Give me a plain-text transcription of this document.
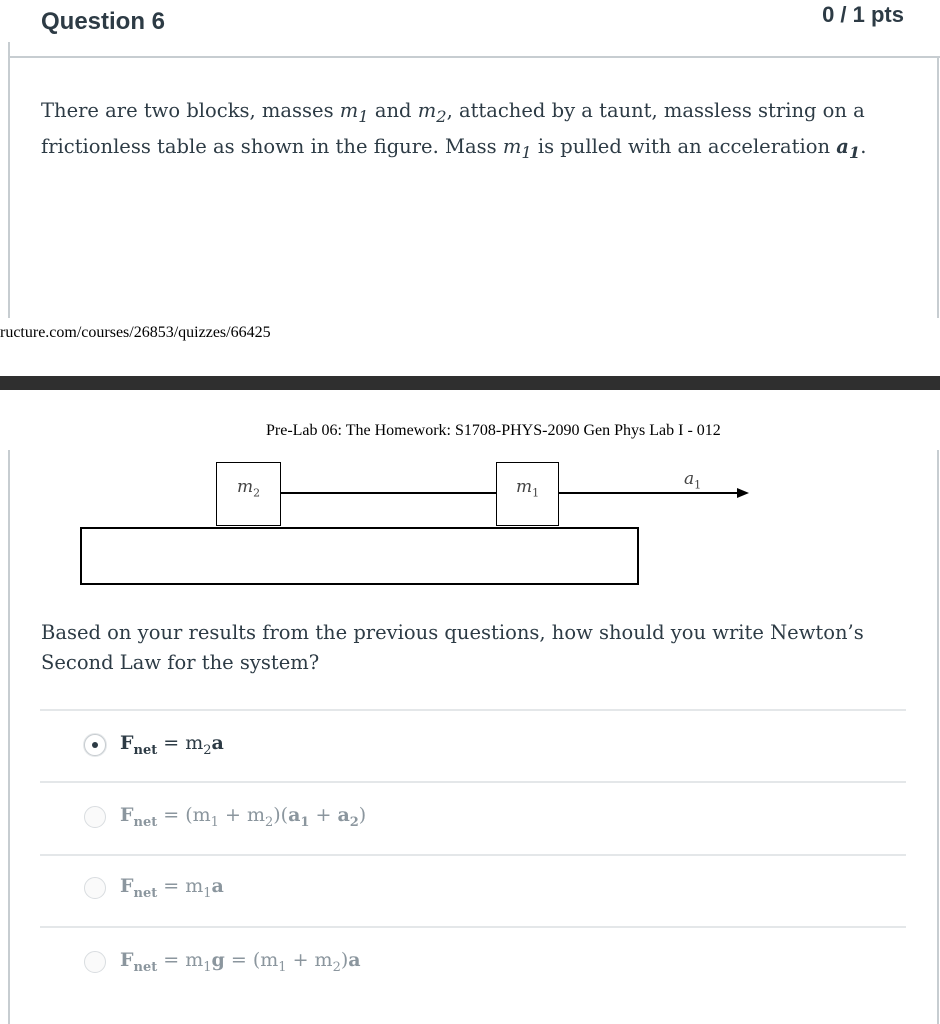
Question 6	0 / 1 pts
There are two blocks, masses $m_1$ and $m_2$, attached by a taunt, massless string on a frictionless table as shown in the figure. Mass $m_1$ is pulled with an acceleration $a_1$.
ructure.com/courses/26853/quizzes/66425
Pre-Lab 06: The Homework: S1708-PHYS-2090 Gen Phys Lab I - 012
$m_2$	$m_1$
$a_1$
Based on your results from the previous questions, how should you write Newton’s Second Law for the system?
$F_{net} = m_2a$
$F_{net} = (m_1 + m_2)(a_1 + a_2)$
$F_{net} = m_1a$
$F_{net} = m_1g = (m_1 + m_2)a$
